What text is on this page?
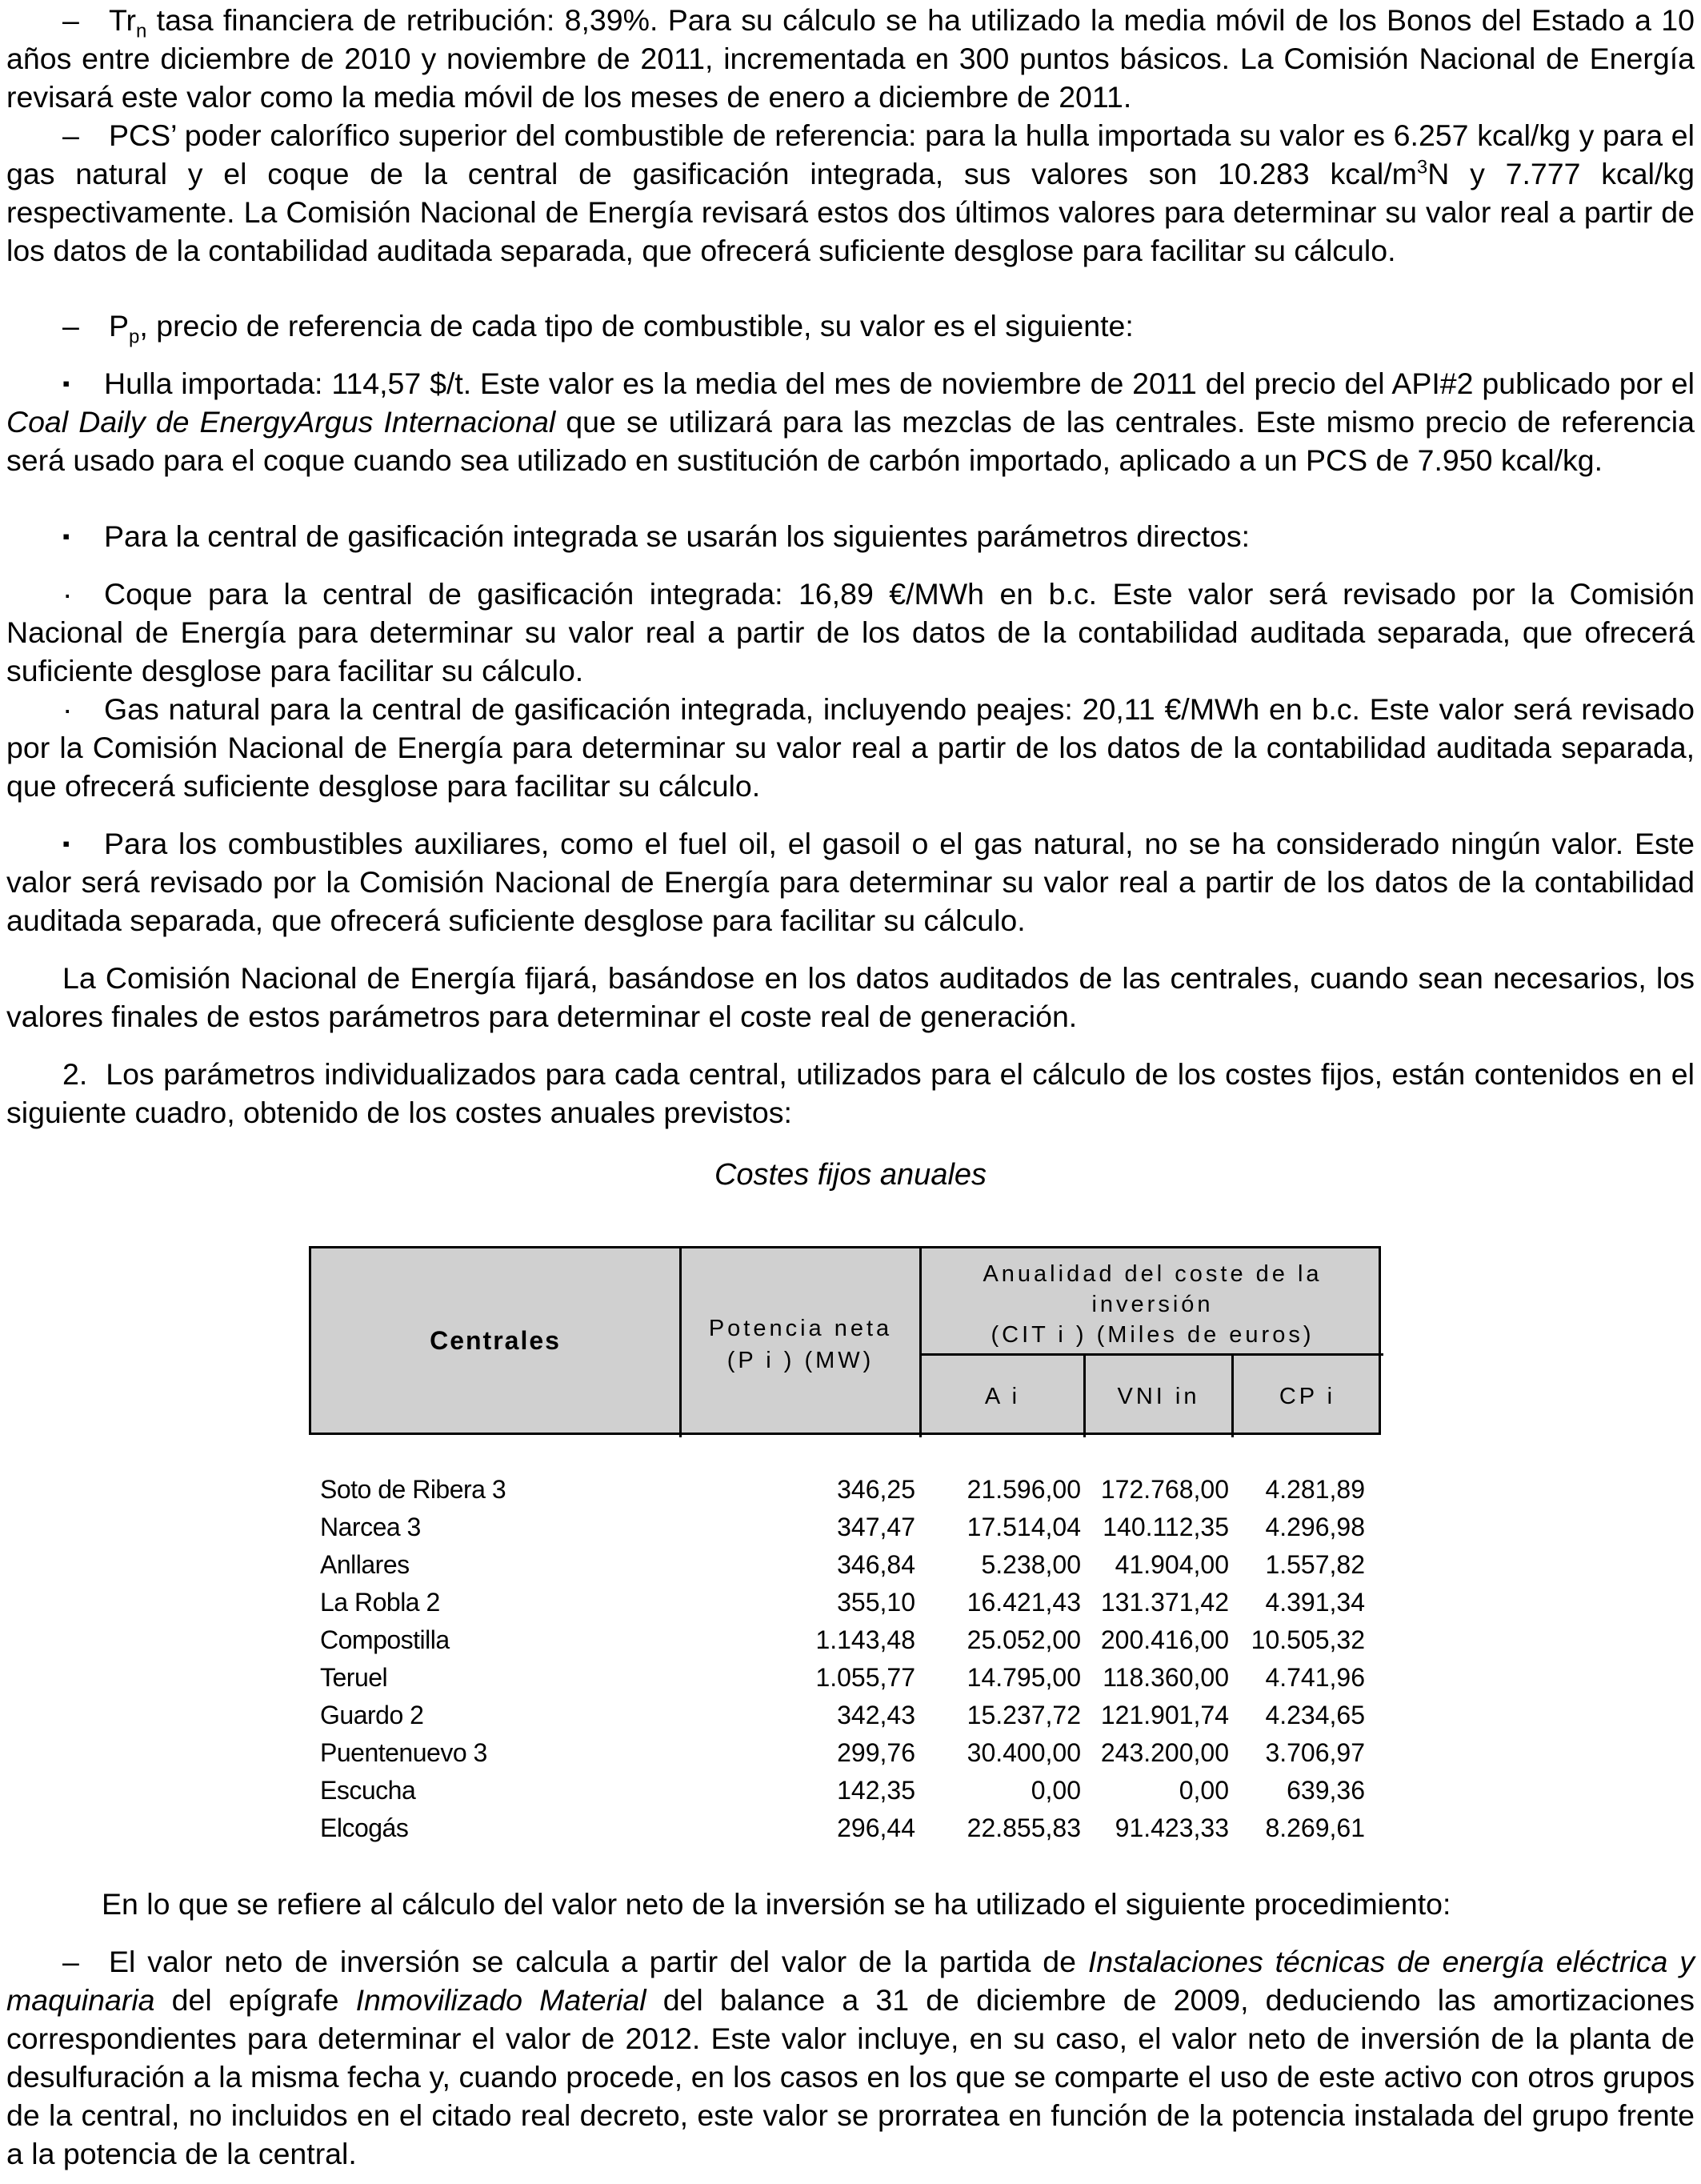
– $Tr_n$ tasa financiera de retribución: 8,39%. Para su cálculo se ha utilizado la media móvil de los Bonos del Estado a 10 años entre diciembre de 2010 y noviembre de 2011, incrementada en 300 puntos básicos. La Comisión Nacional de Energía revisará este valor como la media móvil de los meses de enero a diciembre de 2011.

– PCS’ poder calorífico superior del combustible de referencia: para la hulla importada su valor es 6.257 kcal/kg y para el gas natural y el coque de la central de gasificación integrada, sus valores son 10.283 kcal/$m^3N$ y 7.777 kcal/kg respectivamente. La Comisión Nacional de Energía revisará estos dos últimos valores para determinar su valor real a partir de los datos de la contabilidad auditada separada, que ofrecerá suficiente desglose para facilitar su cálculo.

– $P_p$, precio de referencia de cada tipo de combustible, su valor es el siguiente:

▪ Hulla importada: 114,57 $/t. Este valor es la media del mes de noviembre de 2011 del precio del API#2 publicado por el Coal Daily de EnergyArgus Internacional que se utilizará para las mezclas de las centrales. Este mismo precio de referencia será usado para el coque cuando sea utilizado en sustitución de carbón importado, aplicado a un PCS de 7.950 kcal/kg.

▪ Para la central de gasificación integrada se usarán los siguientes parámetros directos:

· Coque para la central de gasificación integrada: 16,89 €/MWh en b.c. Este valor será revisado por la Comisión Nacional de Energía para determinar su valor real a partir de los datos de la contabilidad auditada separada, que ofrecerá suficiente desglose para facilitar su cálculo.

· Gas natural para la central de gasificación integrada, incluyendo peajes: 20,11 €/MWh en b.c. Este valor será revisado por la Comisión Nacional de Energía para determinar su valor real a partir de los datos de la contabilidad auditada separada, que ofrecerá suficiente desglose para facilitar su cálculo.

▪ Para los combustibles auxiliares, como el fuel oil, el gasoil o el gas natural, no se ha considerado ningún valor. Este valor será revisado por la Comisión Nacional de Energía para determinar su valor real a partir de los datos de la contabilidad auditada separada, que ofrecerá suficiente desglose para facilitar su cálculo.

La Comisión Nacional de Energía fijará, basándose en los datos auditados de las centrales, cuando sean necesarios, los valores finales de estos parámetros para determinar el coste real de generación.

2.  Los parámetros individualizados para cada central, utilizados para el cálculo de los costes fijos, están contenidos en el siguiente cuadro, obtenido de los costes anuales previstos:

Costes fijos anuales
Centrales	Potencia neta
(P i ) (MW)
Anualidad del coste de la inversión
(CIT i ) (Miles de euros)
A i	VNI in	CP i
Soto de Ribera 3	346,25 21.596,00 172.768,00 4.281,89
Narcea 3	347,47 17.514,04 140.112,35 4.296,98
Anllares	346,84	5.238,00 41.904,00 1.557,82
La Robla 2	355,10 16.421,43 131.371,42 4.391,34
Compostilla	1.143,48 25.052,00 200.416,00 10.505,32
Teruel	1.055,77 14.795,00 118.360,00 4.741,96
Guardo 2	342,43 15.237,72 121.901,74 4.234,65
Puentenuevo 3	299,76 30.400,00 243.200,00 3.706,97
Escucha	142,35	0,00	0,00 639,36
Elcogás	296,44 22.855,83 91.423,33 8.269,61

En lo que se refiere al cálculo del valor neto de la inversión se ha utilizado el siguiente procedimiento:

– El valor neto de inversión se calcula a partir del valor de la partida de Instalaciones técnicas de energía eléctrica y maquinaria del epígrafe Inmovilizado Material del balance a 31 de diciembre de 2009, deduciendo las amortizaciones correspondientes para determinar el valor de 2012. Este valor incluye, en su caso, el valor neto de inversión de la planta de desulfuración a la misma fecha y, cuando procede, en los casos en los que se comparte el uso de este activo con otros grupos de la central, no incluidos en el citado real decreto, este valor se prorratea en función de la potencia instalada del grupo frente a la potencia de la central.
